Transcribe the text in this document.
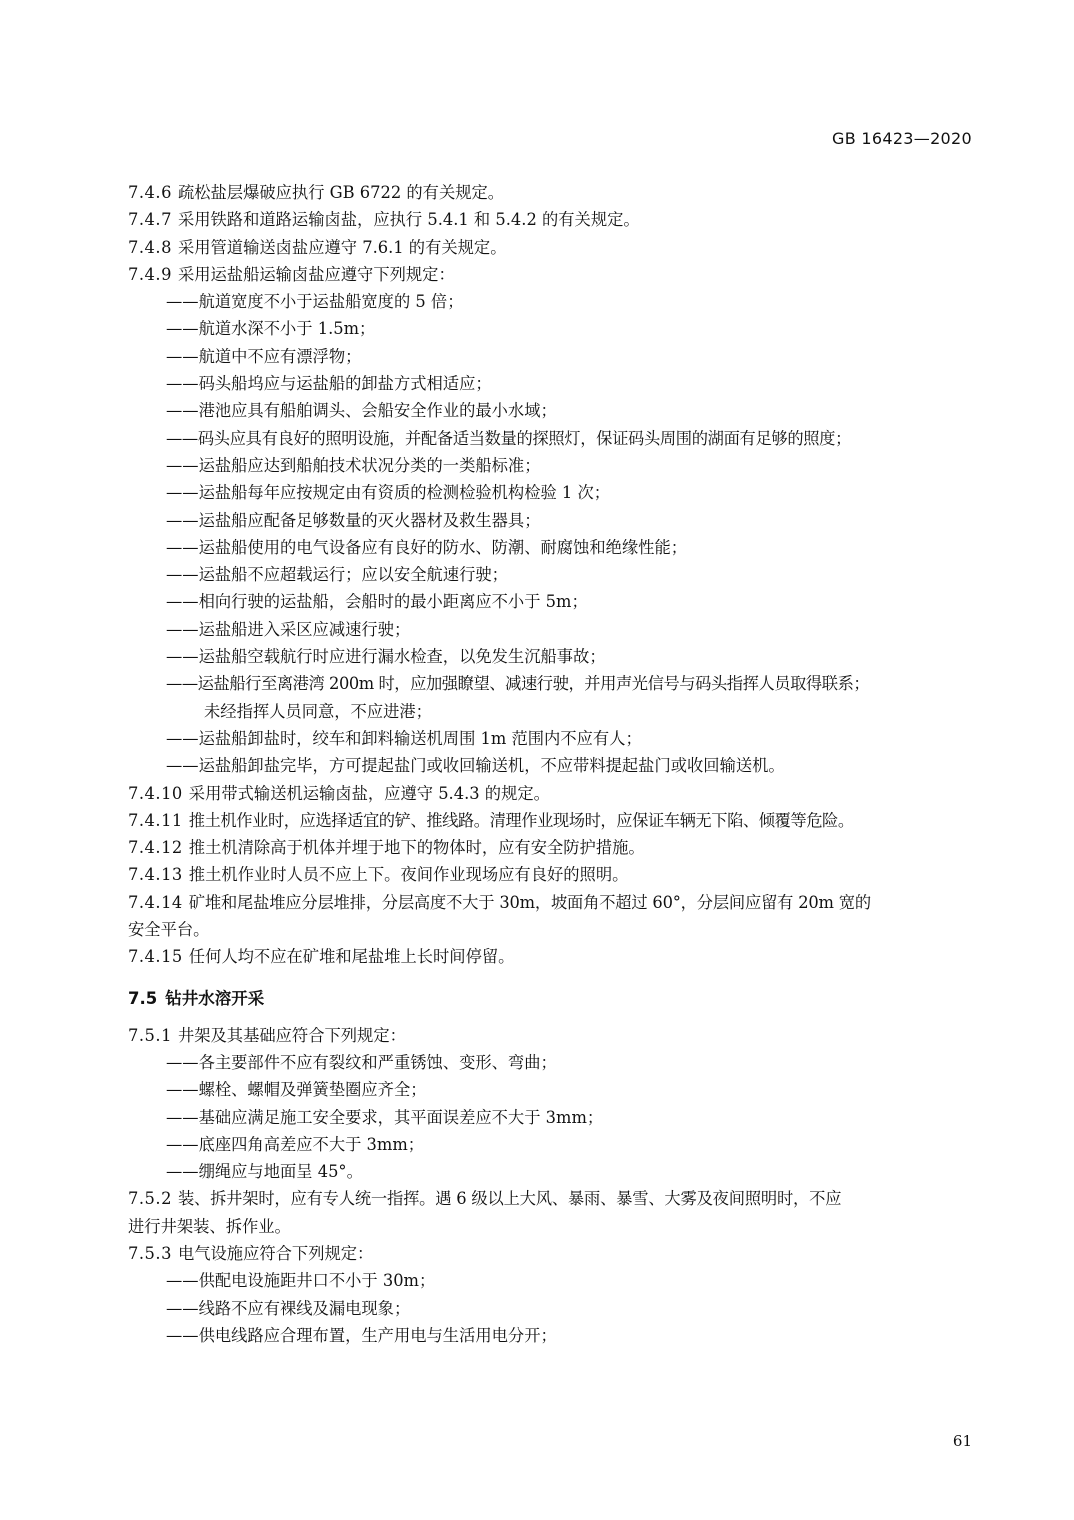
GB 16423—2020
7.4.6 疏松盐层爆破应执行 GB 6722 的有关规定。
7.4.7 采用铁路和道路运输卤盐，应执行 5.4.1 和 5.4.2 的有关规定。
7.4.8 采用管道输送卤盐应遵守 7.6.1 的有关规定。
7.4.9 采用运盐船运输卤盐应遵守下列规定：
——航道宽度不小于运盐船宽度的 5 倍；
——航道水深不小于 1.5m；
——航道中不应有漂浮物；
——码头船坞应与运盐船的卸盐方式相适应；
——港池应具有船舶调头、会船安全作业的最小水域；
——码头应具有良好的照明设施，并配备适当数量的探照灯，保证码头周围的湖面有足够的照度；
——运盐船应达到船舶技术状况分类的一类船标准；
——运盐船每年应按规定由有资质的检测检验机构检验 1 次；
——运盐船应配备足够数量的灭火器材及救生器具；
——运盐船使用的电气设备应有良好的防水、防潮、耐腐蚀和绝缘性能；
——运盐船不应超载运行；应以安全航速行驶；
——相向行驶的运盐船，会船时的最小距离应不小于 5m；
——运盐船进入采区应减速行驶；
——运盐船空载航行时应进行漏水检查，以免发生沉船事故；
——运盐船行至离港湾 200m 时，应加强瞭望、减速行驶，并用声光信号与码头指挥人员取得联系；
未经指挥人员同意，不应进港；
——运盐船卸盐时，绞车和卸料输送机周围 1m 范围内不应有人；
——运盐船卸盐完毕，方可提起盐门或收回输送机，不应带料提起盐门或收回输送机。
7.4.10 采用带式输送机运输卤盐，应遵守 5.4.3 的规定。
7.4.11 推土机作业时，应选择适宜的铲、推线路。清理作业现场时，应保证车辆无下陷、倾覆等危险。
7.4.12 推土机清除高于机体并埋于地下的物体时，应有安全防护措施。
7.4.13 推土机作业时人员不应上下。夜间作业现场应有良好的照明。
7.4.14 矿堆和尾盐堆应分层堆排，分层高度不大于 30m，坡面角不超过 60°，分层间应留有 20m 宽的
安全平台。
7.4.15 任何人均不应在矿堆和尾盐堆上长时间停留。
7.5 钻井水溶开采
7.5.1 井架及其基础应符合下列规定：
——各主要部件不应有裂纹和严重锈蚀、变形、弯曲；
——螺栓、螺帽及弹簧垫圈应齐全；
——基础应满足施工安全要求，其平面误差应不大于 3mm；
——底座四角高差应不大于 3mm；
——绷绳应与地面呈 45°。
7.5.2 装、拆井架时，应有专人统一指挥。遇 6 级以上大风、暴雨、暴雪、大雾及夜间照明时，不应
进行井架装、拆作业。
7.5.3 电气设施应符合下列规定：
——供配电设施距井口不小于 30m；
——线路不应有裸线及漏电现象；
——供电线路应合理布置，生产用电与生活用电分开；
61
